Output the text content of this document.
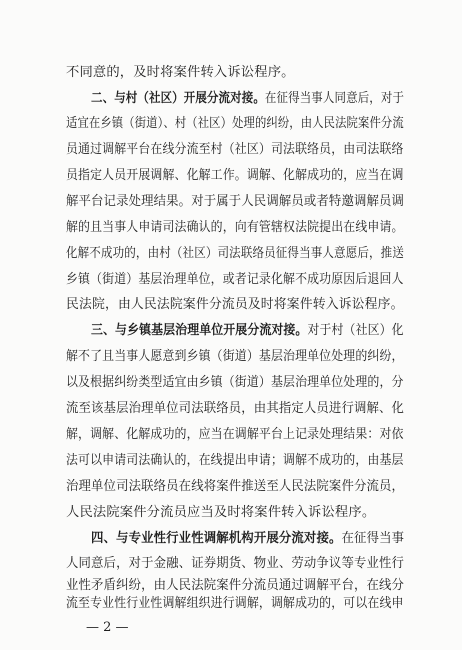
不同意的，及时将案件转入诉讼程序。
二、与村（社区）开展分流对接。在征得当事人同意后，对于
适宜在乡镇（街道）、村（社区）处理的纠纷，由人民法院案件分流
员通过调解平台在线分流至村（社区）司法联络员，由司法联络
员指定人员开展调解、化解工作。调解、化解成功的，应当在调
解平台记录处理结果。对于属于人民调解员或者特邀调解员调
解的且当事人申请司法确认的，向有管辖权法院提出在线申请。
化解不成功的，由村（社区）司法联络员征得当事人意愿后，推送
乡镇（街道）基层治理单位，或者记录化解不成功原因后退回人
民法院，由人民法院案件分流员及时将案件转入诉讼程序。
三、与乡镇基层治理单位开展分流对接。对于村（社区）化
解不了且当事人愿意到乡镇（街道）基层治理单位处理的纠纷，
以及根据纠纷类型适宜由乡镇（街道）基层治理单位处理的，分
流至该基层治理单位司法联络员，由其指定人员进行调解、化
解，调解、化解成功的，应当在调解平台上记录处理结果：对依
法可以申请司法确认的，在线提出申请；调解不成功的，由基层
治理单位司法联络员在线将案件推送至人民法院案件分流员，
人民法院案件分流员应当及时将案件转入诉讼程序。
四、与专业性行业性调解机构开展分流对接。在征得当事
人同意后，对于金融、证券期货、物业、劳动争议等专业性行
业性矛盾纠纷，由人民法院案件分流员通过调解平台，在线分
流至专业性行业性调解组织进行调解，调解成功的，可以在线申
— 2 —
